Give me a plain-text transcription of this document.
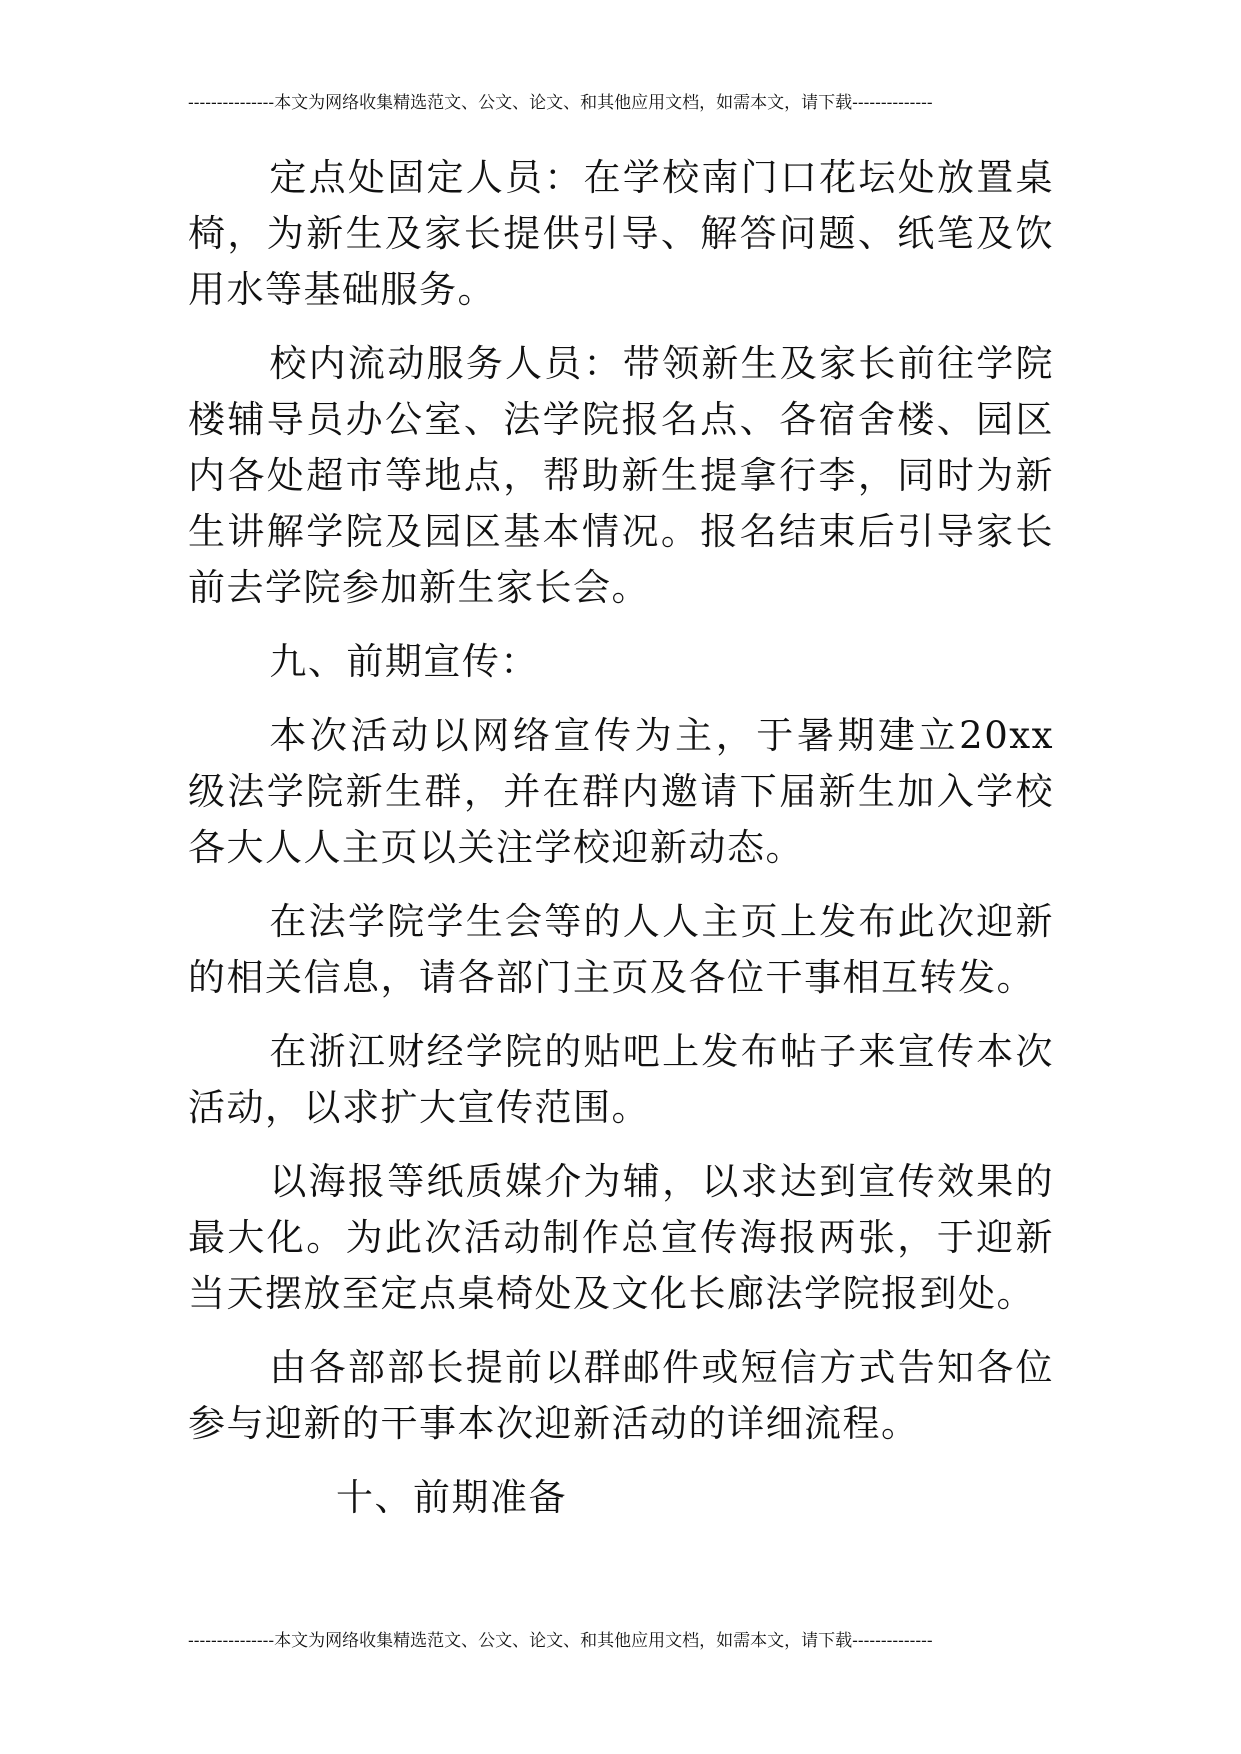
---------------本文为网络收集精选范文、公文、论文、和其他应用文档，如需本文，请下载--------------

定点处固定人员：在学校南门口花坛处放置桌椅，为新生及家长提供引导、解答问题、纸笔及饮用水等基础服务。

校内流动服务人员：带领新生及家长前往学院楼辅导员办公室、法学院报名点、各宿舍楼、园区内各处超市等地点，帮助新生提拿行李，同时为新生讲解学院及园区基本情况。报名结束后引导家长前去学院参加新生家长会。

九、前期宣传：

本次活动以网络宣传为主，于暑期建立20xx级法学院新生群，并在群内邀请下届新生加入学校各大人人主页以关注学校迎新动态。

在法学院学生会等的人人主页上发布此次迎新的相关信息，请各部门主页及各位干事相互转发。

在浙江财经学院的贴吧上发布帖子来宣传本次活动，以求扩大宣传范围。

以海报等纸质媒介为辅，以求达到宣传效果的最大化。为此次活动制作总宣传海报两张，于迎新当天摆放至定点桌椅处及文化长廊法学院报到处。

由各部部长提前以群邮件或短信方式告知各位参与迎新的干事本次迎新活动的详细流程。

十、前期准备

---------------本文为网络收集精选范文、公文、论文、和其他应用文档，如需本文，请下载--------------
